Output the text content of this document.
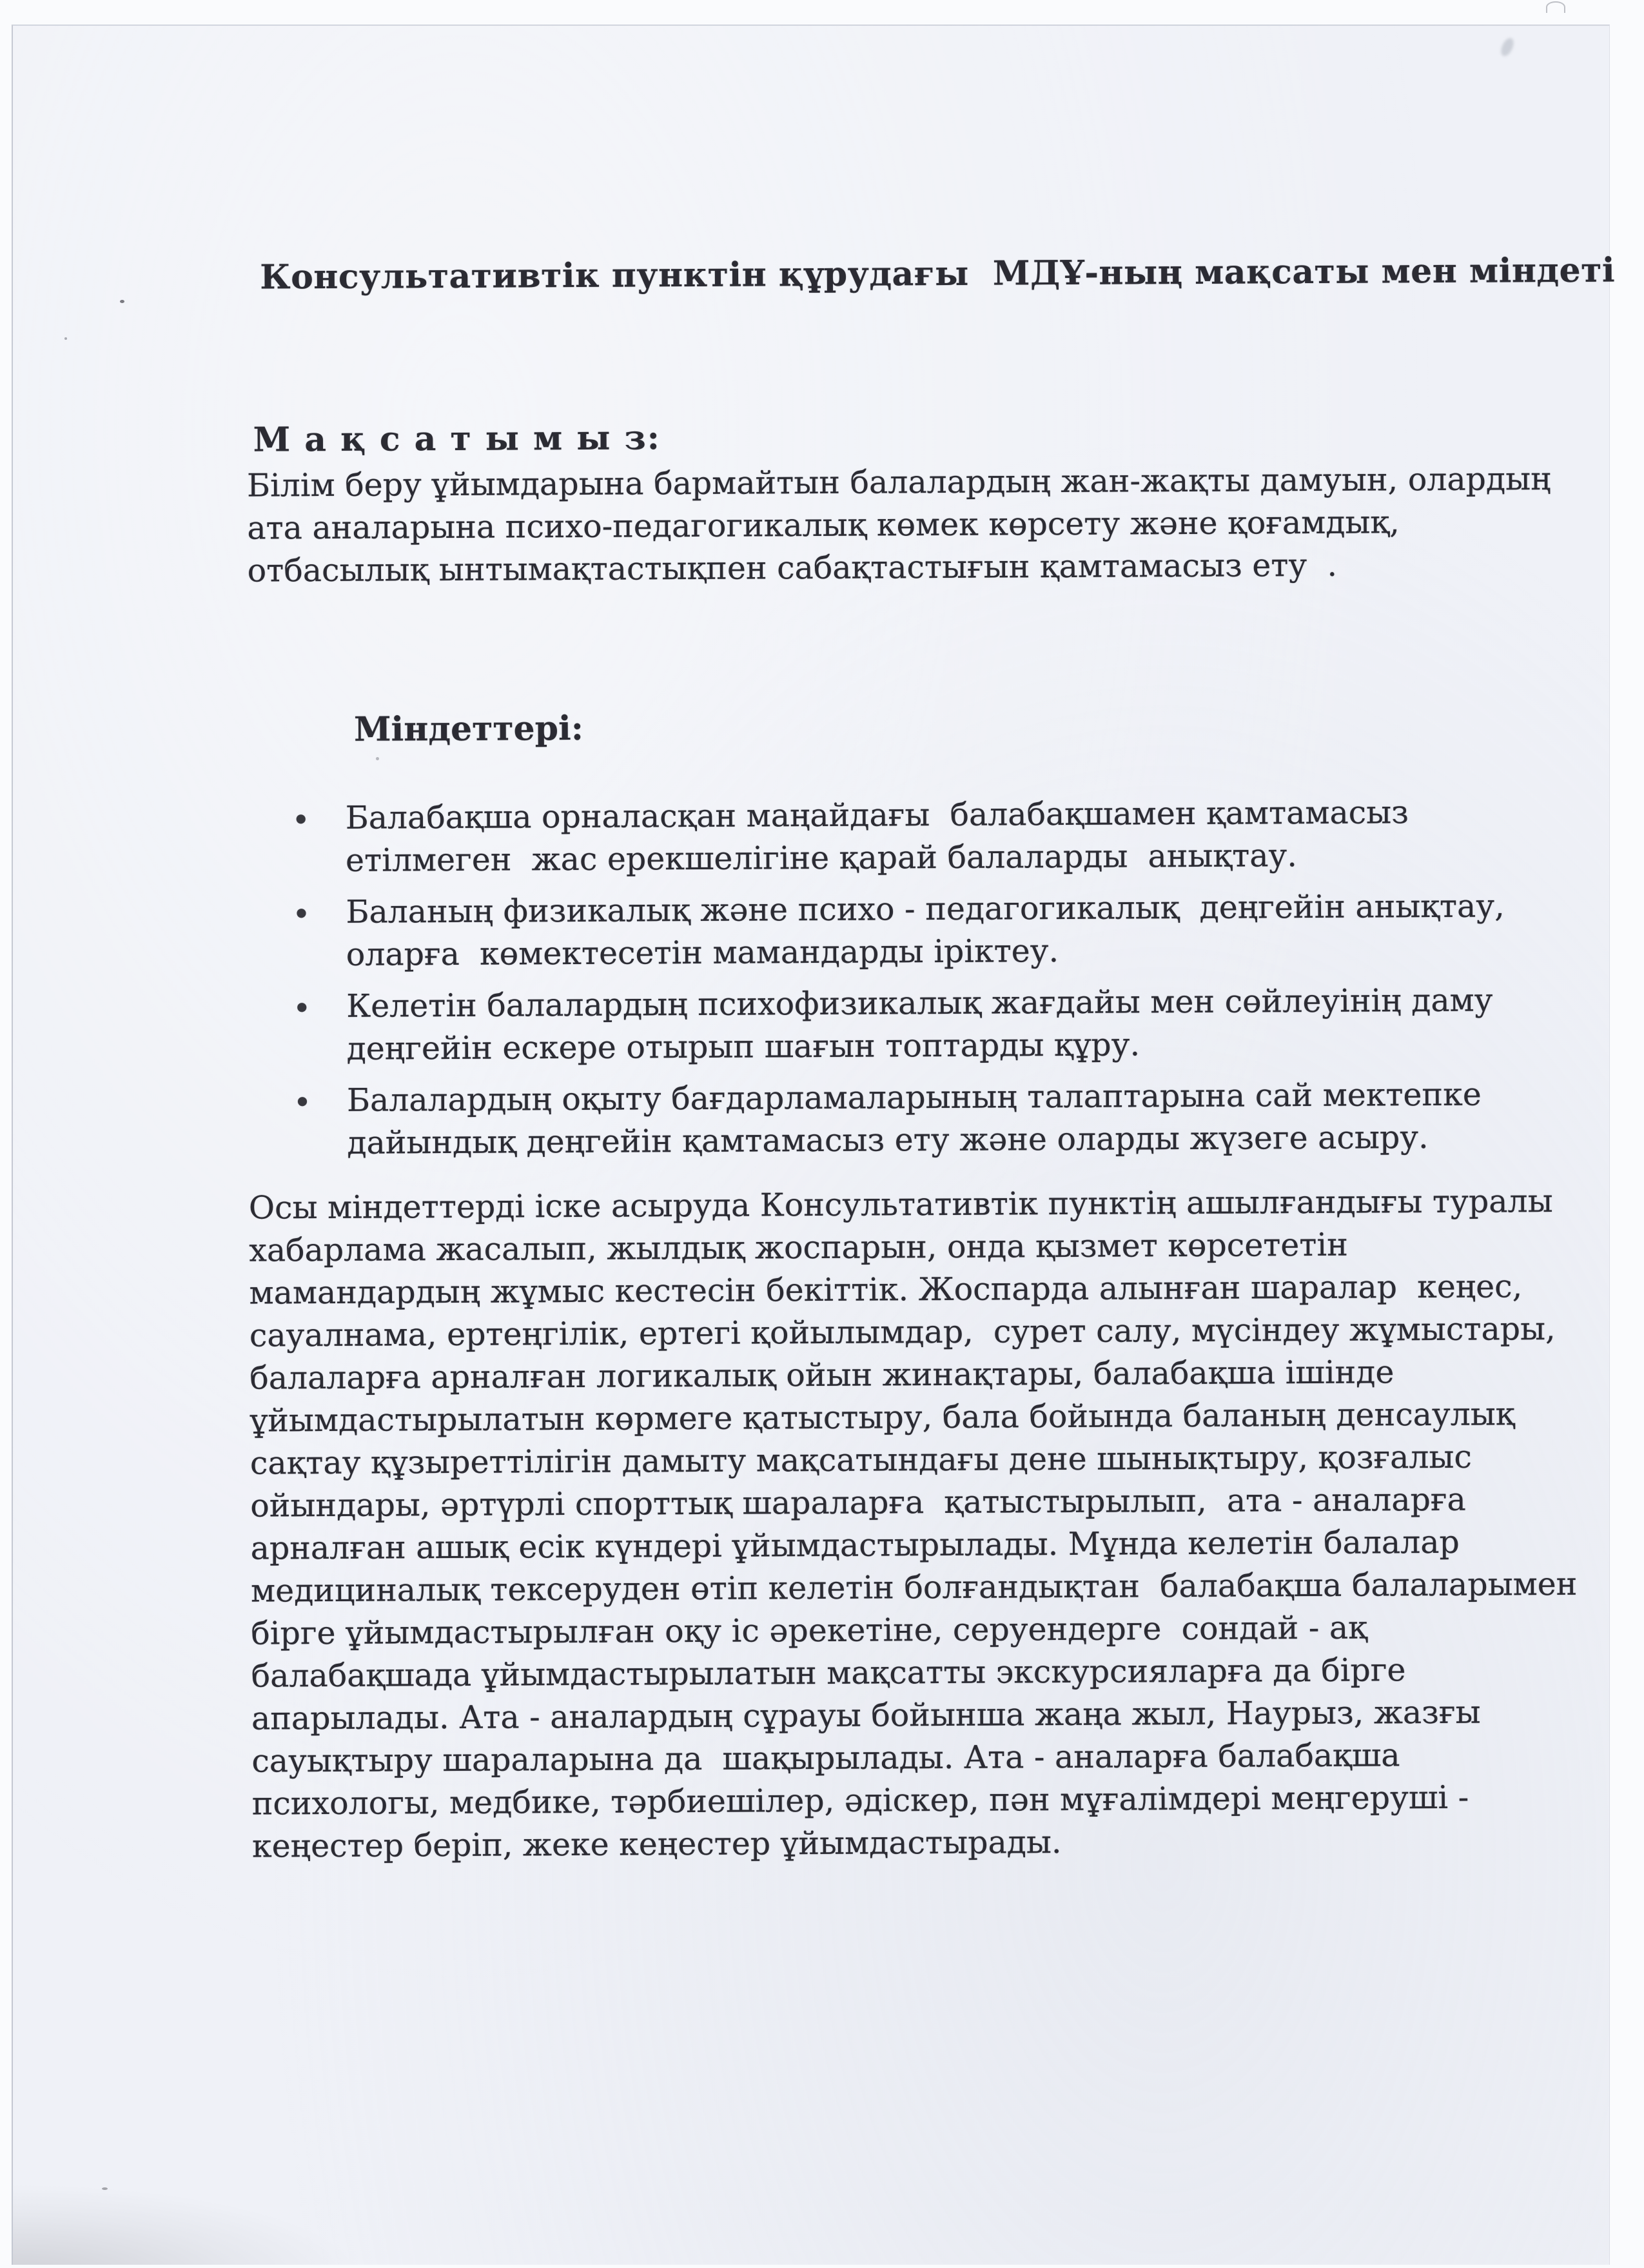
Консультативтік пунктін құрудағы  МДҰ-ның мақсаты мен міндеті
М а қ с а т ы м ы з:

Білім беру ұйымдарына бармайтын балалардың жан-жақты дамуын, олардың
ата аналарына психо-педагогикалық көмек көрсету және қоғамдық,
отбасылық ынтымақтастықпен сабақтастығын қамтамасыз ету  .

Міндеттері:
Балабақша орналасқан маңайдағы  балабақшамен қамтамасыз
етілмеген  жас ерекшелігіне қарай балаларды  анықтау.
Баланың физикалық және психо - педагогикалық  деңгейін анықтау,
оларға  көмектесетін мамандарды іріктеу.
Келетін балалардың психофизикалық жағдайы мен сөйлеуінің даму
деңгейін ескере отырып шағын топтарды құру.
Балалардың оқыту бағдарламаларының талаптарына сай мектепке
дайындық деңгейін қамтамасыз ету және оларды жүзеге асыру.

Осы міндеттерді іске асыруда Консультативтік пунктің ашылғандығы туралы
хабарлама жасалып, жылдық жоспарын, онда қызмет көрсететін
мамандардың жұмыс кестесін бекіттік. Жоспарда алынған шаралар  кеңес,
сауалнама, ертеңгілік, ертегі қойылымдар,  сурет салу, мүсіндеу жұмыстары,
балаларға арналған логикалық ойын жинақтары, балабақша ішінде
ұйымдастырылатын көрмеге қатыстыру, бала бойында баланың денсаулық
сақтау құзыреттілігін дамыту мақсатындағы дене шынықтыру, қозғалыс
ойындары, әртүрлі спорттық шараларға  қатыстырылып,  ата - аналарға
арналған ашық есік күндері ұйымдастырылады. Мұнда келетін балалар
медициналық тексеруден өтіп келетін болғандықтан  балабақша балаларымен
бірге ұйымдастырылған оқу іс әрекетіне, серуендерге  сондай - ақ
балабақшада ұйымдастырылатын мақсатты экскурсияларға да бірге
апарылады. Ата - аналардың сұрауы бойынша жаңа жыл, Наурыз, жазғы
сауықтыру шараларына да  шақырылады. Ата - аналарға балабақша
психологы, медбике, тәрбиешілер, әдіскер, пән мұғалімдері меңгеруші -
кеңестер беріп, жеке кеңестер ұйымдастырады.
